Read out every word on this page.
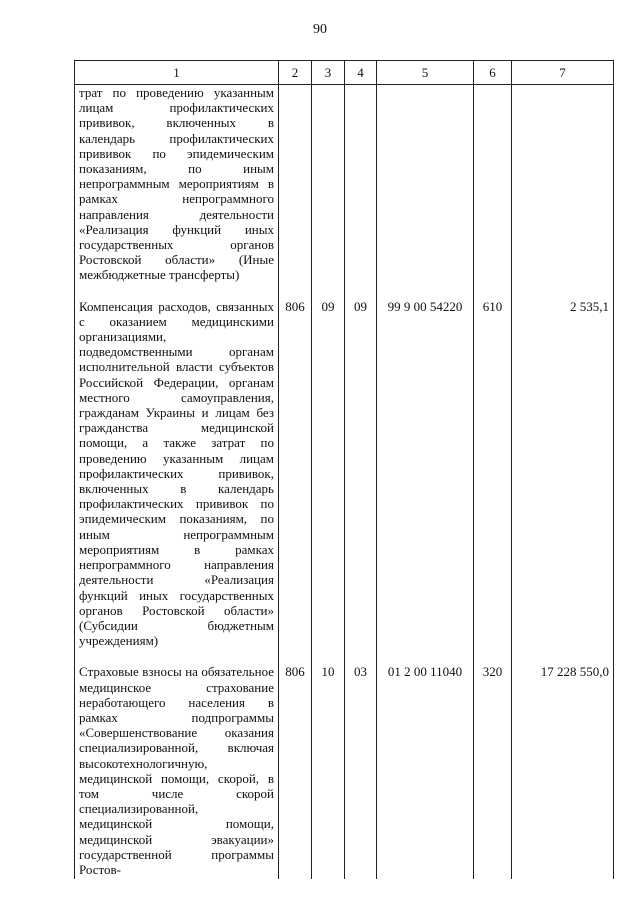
90
1	2	3	4	5	6	7
трат по проведению указанным лицам профилактических прививок, включенных в календарь профилактических прививок по эпидемическим показаниям, по иным непрограммным мероприятиям в рамках непрограммного направления деятельности «Реализация функций иных государственных органов Ростовской области» (Иные межбюджетные трансферты)						

Компенсация расходов, связанных с оказанием медицинскими организациями, подведомственными органам исполнительной власти субъектов Российской Федерации, органам местного самоуправления, гражданам Украины и лицам без гражданства медицинской помощи, а также затрат по проведению указанным лицам профилактических прививок, включенных в календарь профилактических прививок по эпидемическим показаниям, по иным непрограммным мероприятиям в рамках непрограммного направления деятельности «Реализация функций иных государственных органов Ростовской области» (Субсидии бюджетным учреждениям)	806	09	09	99 9 00 54220	610	2 535,1

Страховые взносы на обязательное медицинское страхование неработающего населения в рамках подпрограммы «Совершенствование оказания специализированной, включая высокотехнологичную, медицинской помощи, скорой, в том числе скорой специализированной, медицинской помощи, медицинской эвакуации» государственной программы Ростов-	806	10	03	01 2 00 11040	320	17 228 550,0
